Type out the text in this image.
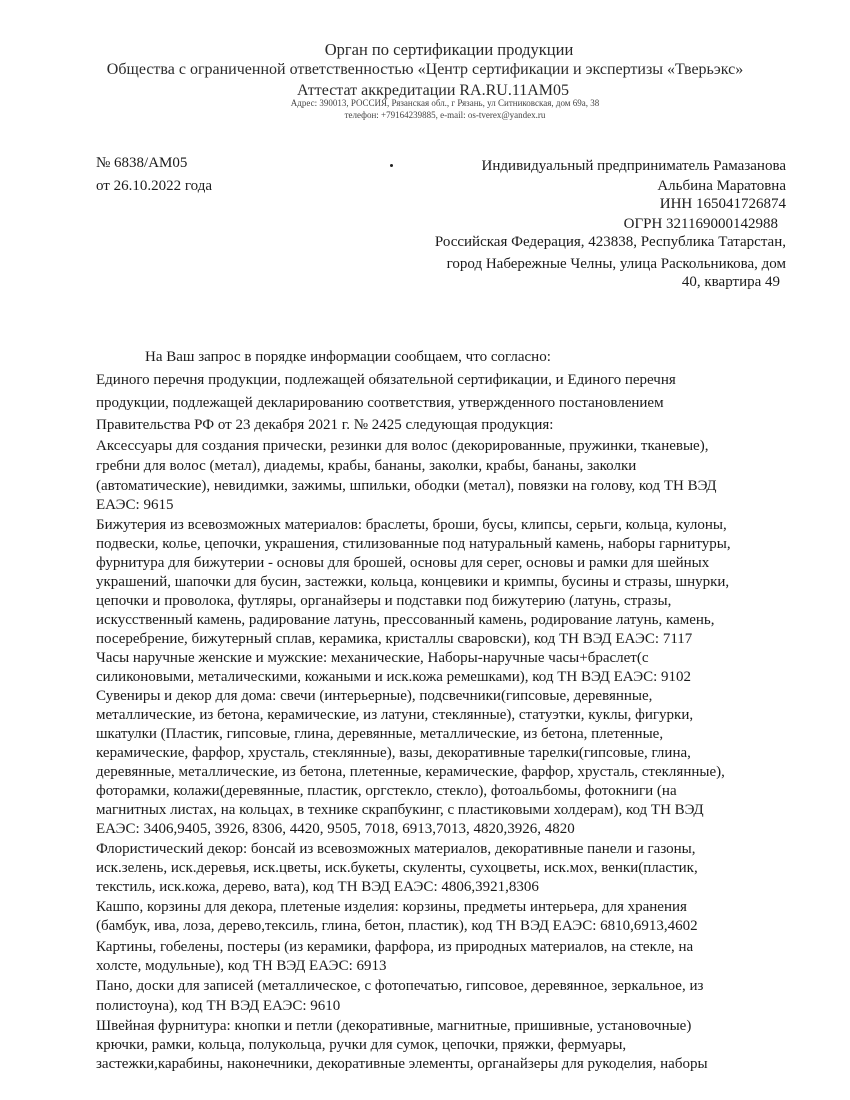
Орган по сертификации продукции
Общества с ограниченной ответственностью «Центр сертификации и экспертизы «Тверьэкс»
Аттестат аккредитации RA.RU.11АМ05
Адрес: 390013, РОССИЯ, Рязанская обл., г Рязань, ул Ситниковская, дом 69а, 38
телефон: +79164239885, e-mail: os-tverex@yandex.ru
№ 6838/АМ05
от 26.10.2022 года
Индивидуальный предприниматель Рамазанова
Альбина Маратовна
ИНН 165041726874
ОГРН 321169000142988
Российская Федерация, 423838, Республика Татарстан,
город Набережные Челны, улица Раскольникова, дом
40, квартира 49
На Ваш запрос в порядке информации сообщаем, что согласно:
Единого перечня продукции, подлежащей обязательной сертификации, и Единого перечня
продукции, подлежащей декларированию соответствия, утвержденного постановлением
Правительства РФ от 23 декабря 2021 г. № 2425 следующая продукция:
Аксессуары для создания прически, резинки для волос (декорированные, пружинки, тканевые),
гребни для волос (метал), диадемы, крабы, бананы, заколки, крабы, бананы, заколки
(автоматические), невидимки, зажимы, шпильки, ободки (метал), повязки на голову, код ТН ВЭД
ЕАЭС: 9615
Бижутерия из всевозможных материалов: браслеты, броши, бусы, клипсы, серьги, кольца, кулоны,
подвески, колье, цепочки, украшения, стилизованные под натуральный камень, наборы гарнитуры,
фурнитура для бижутерии - основы для брошей, основы для серег, основы и рамки для шейных
украшений, шапочки для бусин, застежки, кольца, концевики и кримпы, бусины и стразы, шнурки,
цепочки и проволока, футляры, органайзеры и подставки под бижутерию (латунь, стразы,
искусственный камень, радирование латунь, прессованный камень, родирование латунь, камень,
посеребрение, бижутерный сплав, керамика, кристаллы сваровски), код ТН ВЭД ЕАЭС: 7117
Часы наручные женские и мужские: механические, Наборы-наручные часы+браслет(с
силиконовыми, металическими, кожаными и иск.кожа ремешками), код ТН ВЭД ЕАЭС: 9102
Сувениры и декор для дома: свечи (интерьерные), подсвечники(гипсовые, деревянные,
металлические, из бетона, керамические, из латуни, стеклянные), статуэтки, куклы, фигурки,
шкатулки (Пластик, гипсовые, глина, деревянные, металлические, из бетона, плетенные,
керамические, фарфор, хрусталь, стеклянные), вазы, декоративные тарелки(гипсовые, глина,
деревянные, металлические, из бетона, плетенные, керамические, фарфор, хрусталь, стеклянные),
фоторамки, колажи(деревянные, пластик, оргстекло, стекло), фотоальбомы, фотокниги (на
магнитных листах, на кольцах, в технике скрапбукинг, с пластиковыми холдерам), код ТН ВЭД
ЕАЭС: 3406,9405, 3926, 8306, 4420, 9505, 7018, 6913,7013, 4820,3926, 4820
Флористический декор: бонсай из всевозможных материалов, декоративные панели и газоны,
иск.зелень, иск.деревья, иск.цветы, иск.букеты, скуленты, сухоцветы, иск.мох, венки(пластик,
текстиль, иск.кожа, дерево, вата), код ТН ВЭД ЕАЭС: 4806,3921,8306
Кашпо, корзины для декора, плетеные изделия: корзины, предметы интерьера, для хранения
(бамбук, ива, лоза, дерево,тексиль, глина, бетон, пластик), код ТН ВЭД ЕАЭС: 6810,6913,4602
Картины, гобелены, постеры (из керамики, фарфора, из природных материалов, на стекле, на
холсте, модульные), код ТН ВЭД ЕАЭС: 6913
Пано, доски для записей (металлическое, с фотопечатью, гипсовое, деревянное, зеркальное, из
полистоуна), код ТН ВЭД ЕАЭС: 9610
Швейная фурнитура: кнопки и петли (декоративные, магнитные, пришивные, установочные)
крючки, рамки, кольца, полукольца, ручки для сумок, цепочки, пряжки, фермуары,
застежки,карабины, наконечники, декоративные элементы, органайзеры для рукоделия, наборы
